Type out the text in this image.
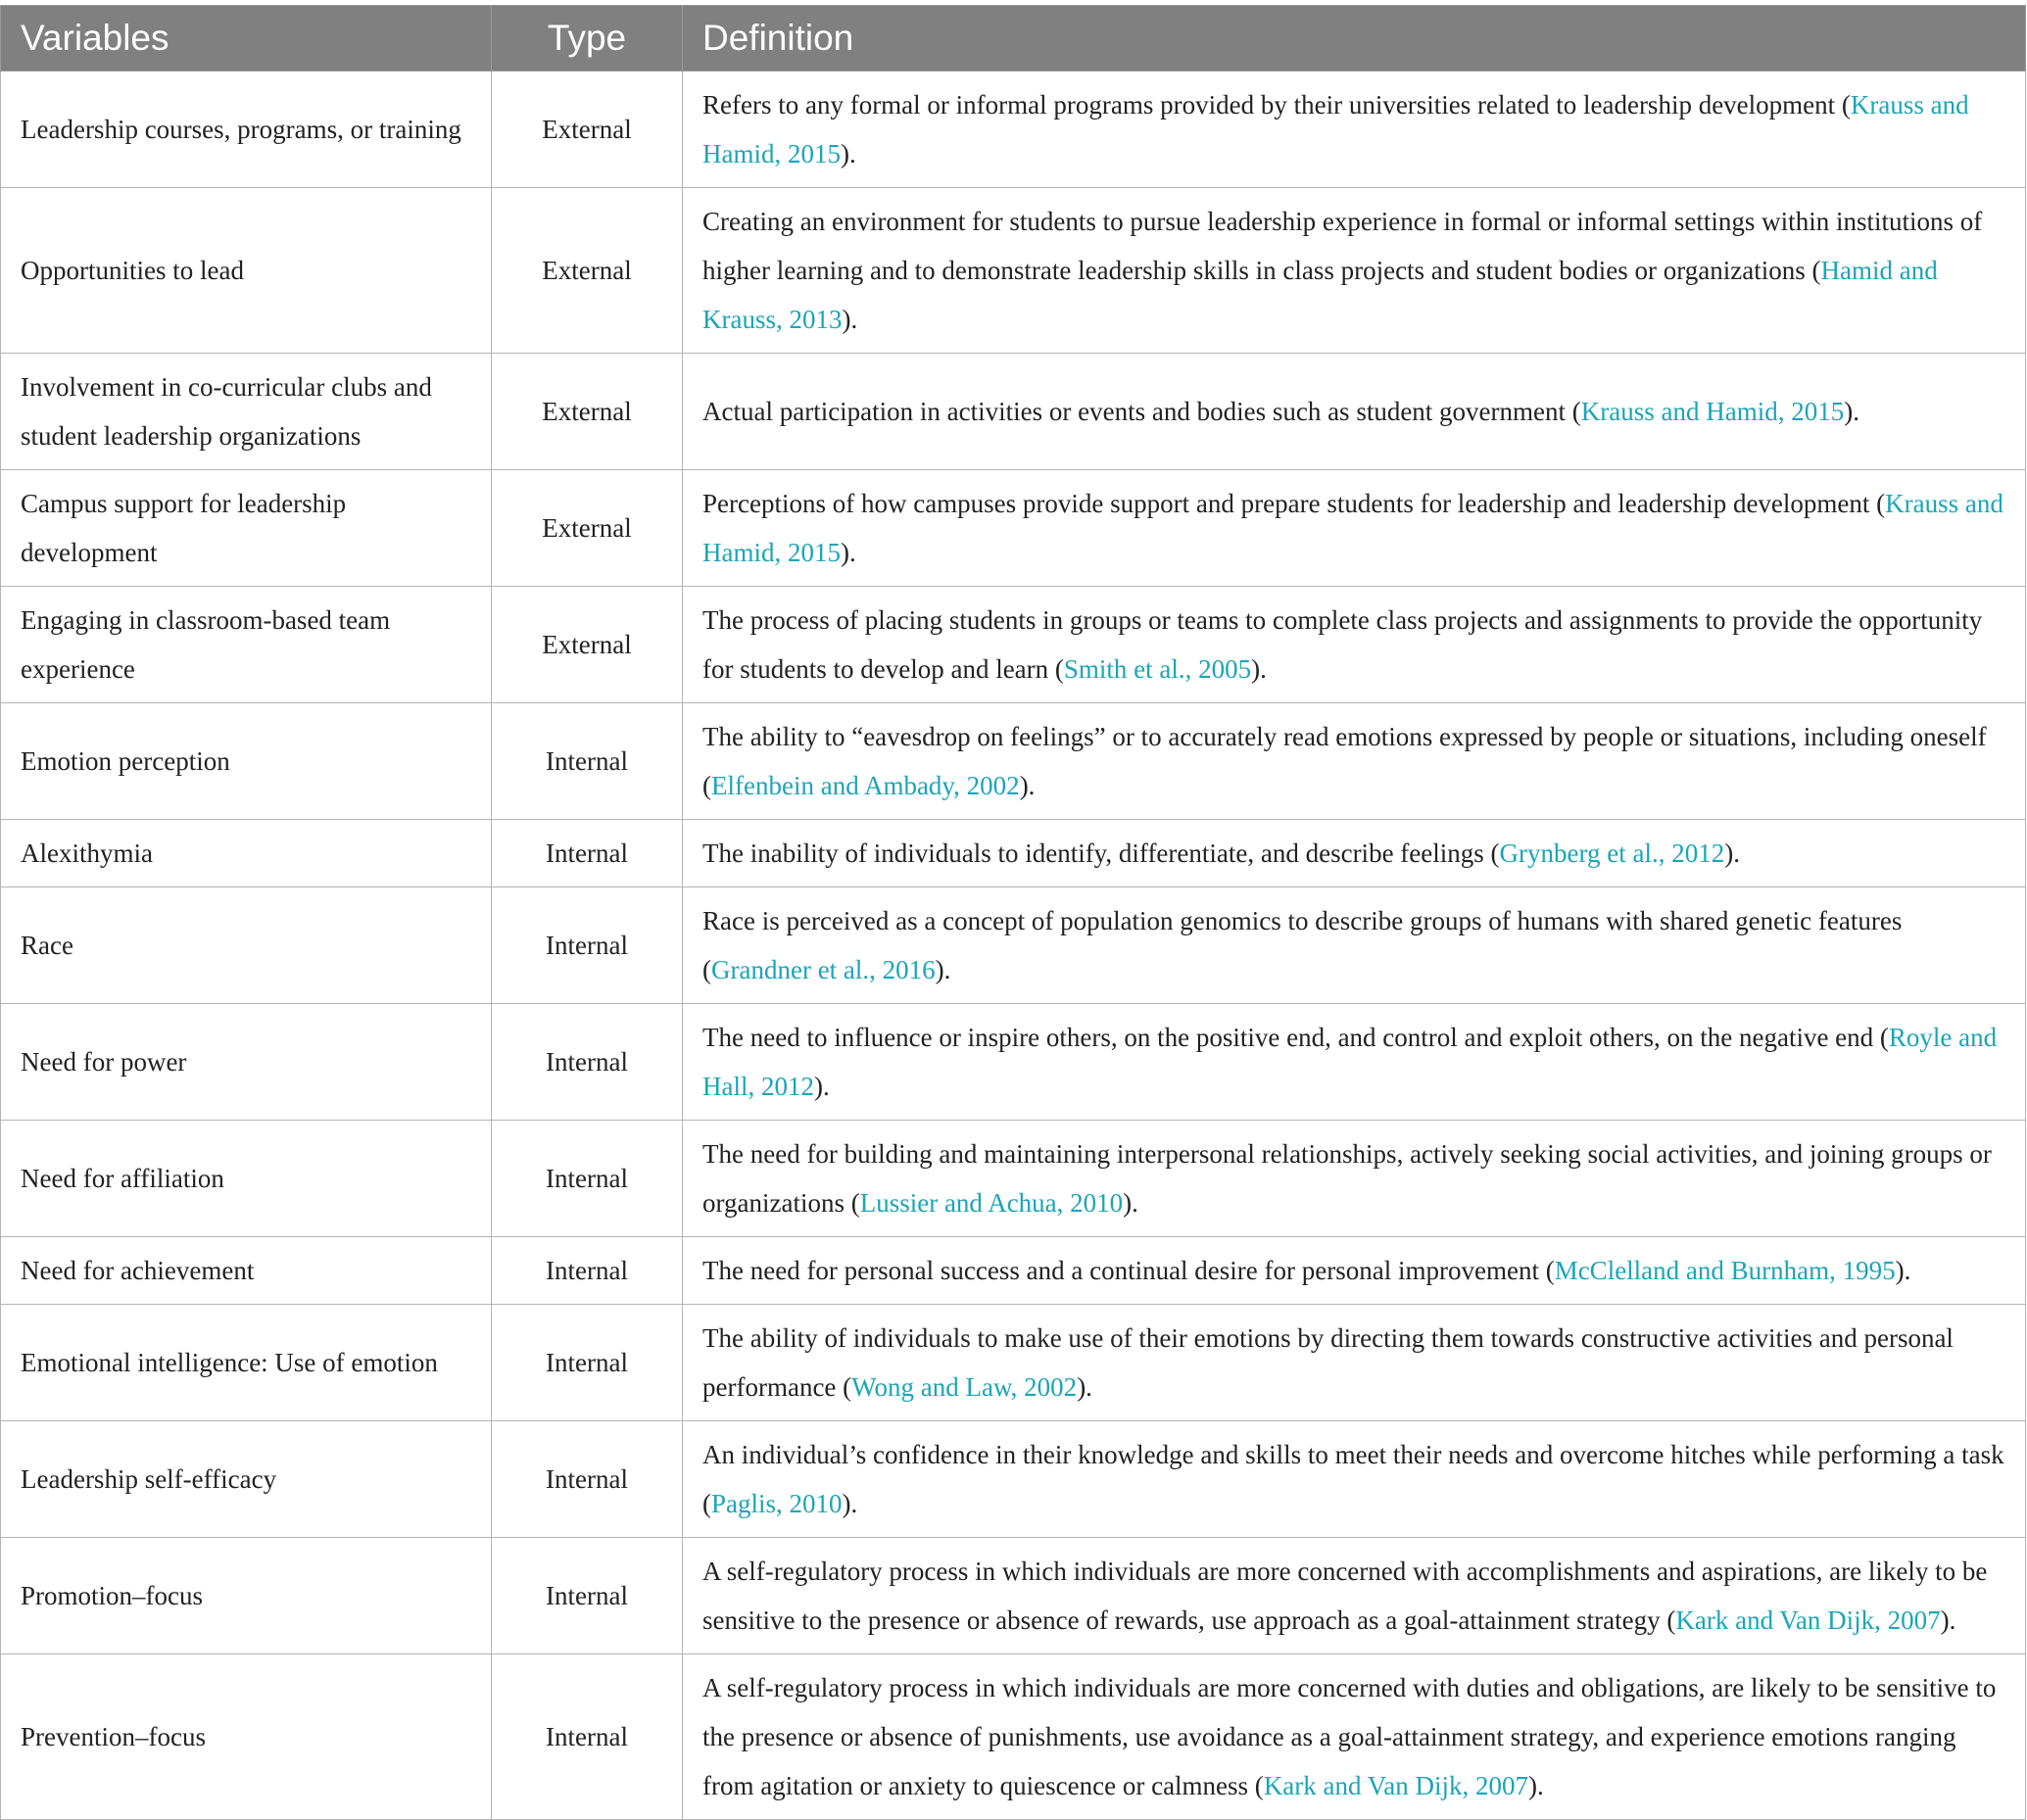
Variables	Type	Definition
Leadership courses, programs, or training	External	Refers to any formal or informal programs provided by their universities related to leadership development (Krauss and Hamid, 2015).
Opportunities to lead	External	Creating an environment for students to pursue leadership experience in formal or informal settings within institutions of higher learning and to demonstrate leadership skills in class projects and student bodies or organizations (Hamid and Krauss, 2013).
Involvement in co-curricular clubs and student leadership organizations	External	Actual participation in activities or events and bodies such as student government (Krauss and Hamid, 2015).
Campus support for leadership development	External	Perceptions of how campuses provide support and prepare students for leadership and leadership development (Krauss and Hamid, 2015).
Engaging in classroom-based team experience	External	The process of placing students in groups or teams to complete class projects and assignments to provide the opportunity for students to develop and learn (Smith et al., 2005).
Emotion perception	Internal	The ability to “eavesdrop on feelings” or to accurately read emotions expressed by people or situations, including oneself (Elfenbein and Ambady, 2002).
Alexithymia	Internal	The inability of individuals to identify, differentiate, and describe feelings (Grynberg et al., 2012).
Race	Internal	Race is perceived as a concept of population genomics to describe groups of humans with shared genetic features (Grandner et al., 2016).
Need for power	Internal	The need to influence or inspire others, on the positive end, and control and exploit others, on the negative end (Royle and Hall, 2012).
Need for affiliation	Internal	The need for building and maintaining interpersonal relationships, actively seeking social activities, and joining groups or organizations (Lussier and Achua, 2010).
Need for achievement	Internal	The need for personal success and a continual desire for personal improvement (McClelland and Burnham, 1995).
Emotional intelligence: Use of emotion	Internal	The ability of individuals to make use of their emotions by directing them towards constructive activities and personal performance (Wong and Law, 2002).
Leadership self-efficacy	Internal	An individual’s confidence in their knowledge and skills to meet their needs and overcome hitches while performing a task (Paglis, 2010).
Promotion–focus	Internal	A self-regulatory process in which individuals are more concerned with accomplishments and aspirations, are likely to be sensitive to the presence or absence of rewards, use approach as a goal-attainment strategy (Kark and Van Dijk, 2007).
Prevention–focus	Internal	A self-regulatory process in which individuals are more concerned with duties and obligations, are likely to be sensitive to the presence or absence of punishments, use avoidance as a goal-attainment strategy, and experience emotions ranging from agitation or anxiety to quiescence or calmness (Kark and Van Dijk, 2007).
